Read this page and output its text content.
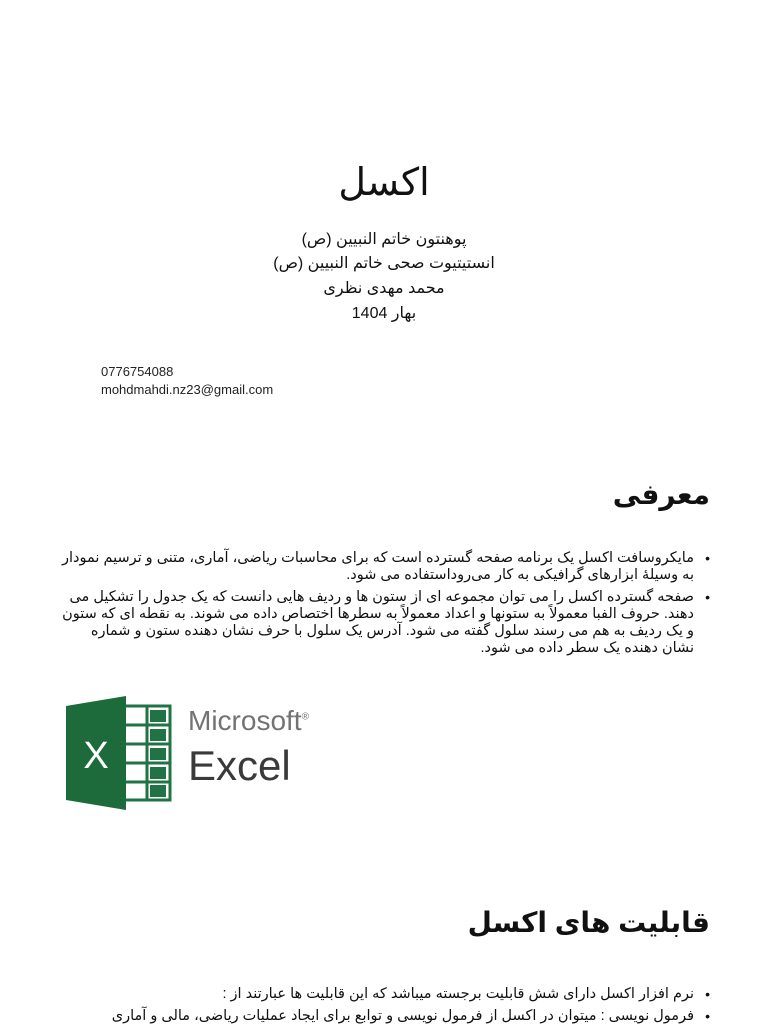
اکسل
پوهنتون خاتم النبیین (ص)
انستیتیوت صحی خاتم النبیین (ص)
محمد مهدی نظری
بهار 1404
0776754088
mohdmahdi.nz23@gmail.com
معرفی
•
مایکروسافت اکسل یک برنامه صفحه گسترده است که برای محاسبات ریاضی، آماری، متنی و ترسیم نمودار به وسیلهٔ ابزارهای گرافیکی به کار می‌رود‌استفاده می شود.
•
صفحه گسترده اکسل را می توان مجموعه ای از ستون ها و ردیف هایی دانست که یک جدول را تشکیل می دهند. حروف الفبا معمولاً به ستونها و اعداد معمولاً به سطرها اختصاص داده می شوند. به نقطه ای که ستون و یک ردیف به هم می رسند سلول گفته می شود. آدرس یک سلول با حرف نشان دهنده ستون و شماره نشان دهنده یک سطر داده می شود.
X
Microsoft®
Excel
قابلیت های اکسل
•
نرم افزار اکسل دارای شش قابلیت برجسته میباشد که این قابلیت ها عبارتند از :
•
فرمول نویسی : میتوان در اکسل از فرمول نویسی و توابع برای ایجاد عملیات ریاضی، مالی و آماری
